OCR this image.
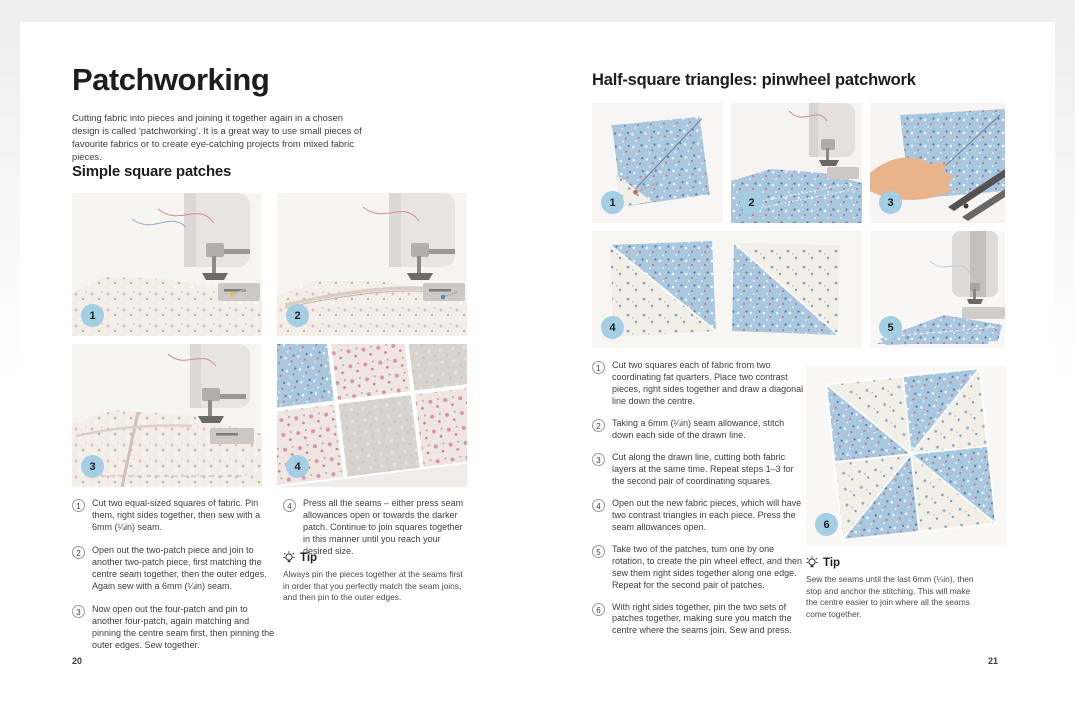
Patchworking

Cutting fabric into pieces and joining it together again in a chosen design is called ‘patchworking’. It is a great way to use small pieces of favourite fabrics or to create eye-catching projects from mixed fabric pieces.

Simple square patches
1	2
3	4
1	Cut two equal-sized squares of fabric. Pin them, right sides together, then sew with a 6mm (¼in) seam.

2	Open out the two-patch piece and join to another two-patch piece, first matching the centre seam together, then the outer edges. Again sew with a 6mm (¼in) seam.

3	Now open out the four-patch and pin to another four-patch, again matching and pinning the centre seam first, then pinning the outer edges. Sew together.

4	Press all the seams – either press seam allowances open or towards the darker patch. Continue to join squares together in this manner until you reach your desired size.

Tip
Always pin the pieces together at the seams first in order that you perfectly match the seam joins, and then pin to the outer edges.
20
Half-square triangles: pinwheel patchwork
1	2	3
4	5
1	Cut two squares each of fabric from two coordinating fat quarters. Place two contrast pieces, right sides together and draw a diagonal line down the centre.

2	Taking a 6mm (¼in) seam allowance, stitch down each side of the drawn line.

3	Cut along the drawn line, cutting both fabric layers at the same time. Repeat steps 1–3 for the second pair of coordinating squares.

4	Open out the new fabric pieces, which will have two contrast triangles in each piece. Press the seam allowances open.

5	Take two of the patches, turn one by one rotation, to create the pin wheel effect, and then sew them right sides together along one edge. Repeat for the second pair of patches.

6	With right sides together, pin the two sets of patches together, making sure you match the centre where the seams join. Sew and press.

6
Tip
Sew the seams until the last 6mm (¼in), then stop and anchor the stitching. This will make the centre easier to join where all the seams come together.
21
